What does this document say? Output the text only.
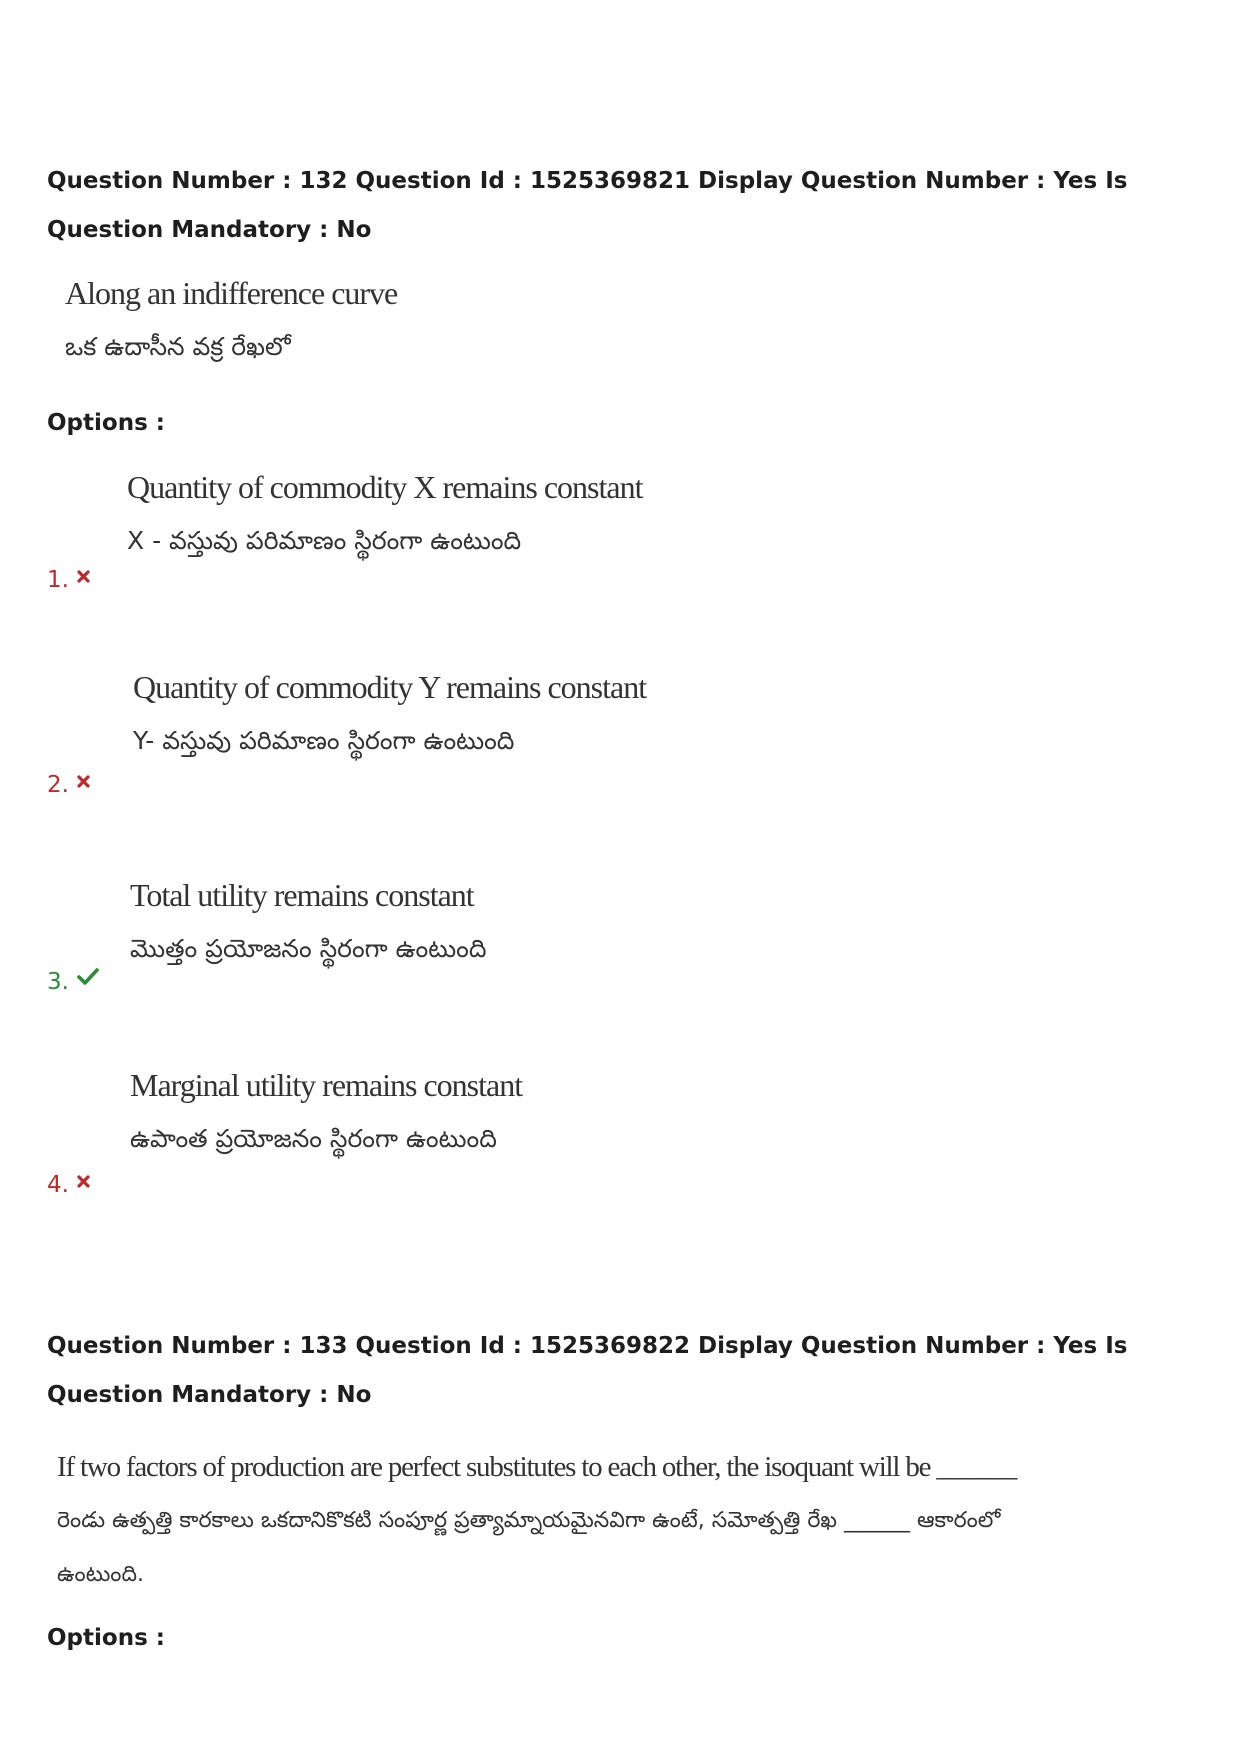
Question Number : 132 Question Id : 1525369821 Display Question Number : Yes Is Question Mandatory : No
Along an indifference curve
ఒక ఉదాసీన వక్ర రేఖలో
Options :
Quantity of commodity X remains constant
X - వస్తువు పరిమాణం స్థిరంగా ఉంటుంది
1.
Quantity of commodity Y remains constant
Y- వస్తువు పరిమాణం స్థిరంగా ఉంటుంది
2.
Total utility remains constant
మొత్తం ప్రయోజనం స్థిరంగా ఉంటుంది
3.
Marginal utility remains constant
ఉపాంత ప్రయోజనం స్థిరంగా ఉంటుంది
4.
Question Number : 133 Question Id : 1525369822 Display Question Number : Yes Is Question Mandatory : No
If two factors of production are perfect substitutes to each other, the isoquant will be ______
రెండు ఉత్పత్తి కారకాలు ఒకదానికొకటి సంపూర్ణ ప్రత్యామ్నాయమైనవిగా ఉంటే, సమోత్పత్తి రేఖ ______ ఆకారంలో
ఉంటుంది.
Options :
